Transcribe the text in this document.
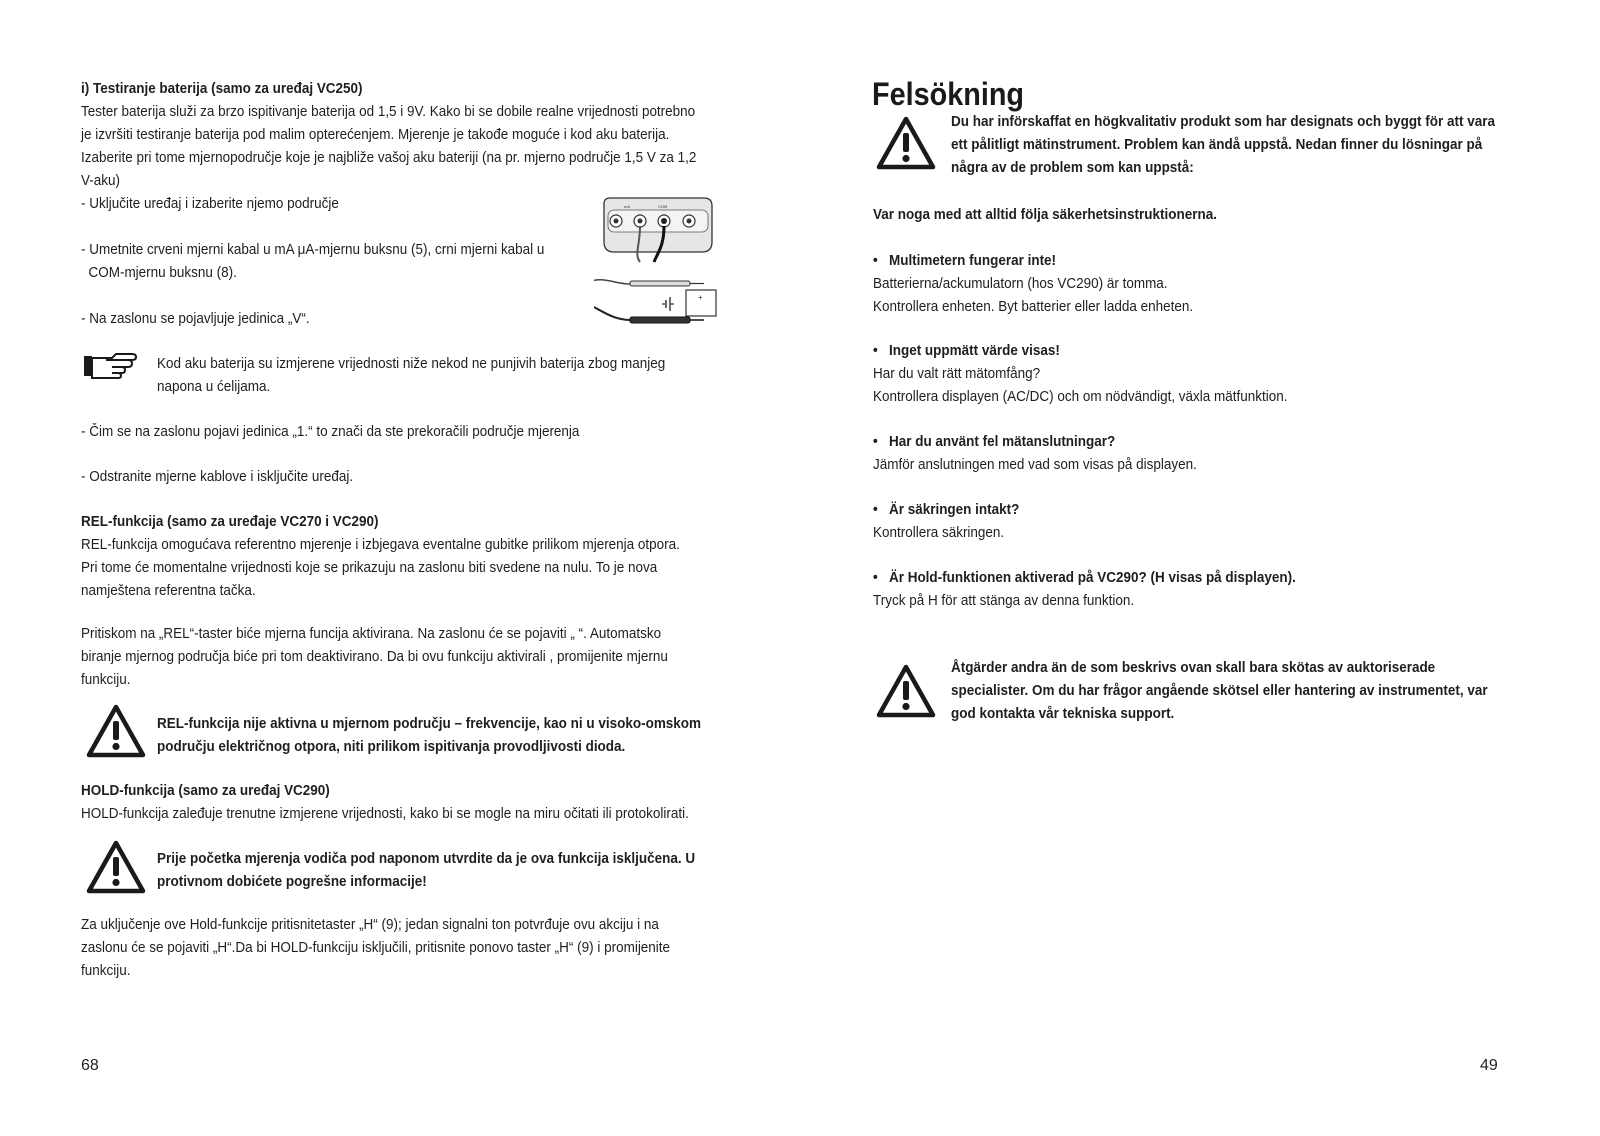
i) Testiranje baterija (samo za uređaj VC250)
Tester baterija služi za brzo ispitivanje baterija od 1,5 i 9V. Kako bi se dobile realne vrijednosti potrebno
je izvršiti testiranje baterija pod malim opterećenjem. Mjerenje je takođe moguće i kod aku baterija.
Izaberite pri tome mjernopodručje koje je najbliže vašoj aku bateriji (na pr. mjerno područje 1,5 V za 1,2
V-aku)
- Uključite uređaj i izaberite njemo područje
- Umetnite crveni mjerni kabal u mA μA-mjernu buksnu (5), crni mjerni kabal u
COM-mjernu buksnu (8).
- Na zaslonu se pojavljuje jedinica „V“.
mA	COM
+
Kod aku baterija su izmjerene vrijednosti niže nekod ne punjivih baterija zbog manjeg
napona u ćelijama.
- Čim se na zaslonu pojavi jedinica „1.“ to znači da ste prekoračili područje mjerenja
- Odstranite mjerne kablove i isključite uređaj.
REL-funkcija (samo za uređaje VC270 i VC290)
REL-funkcija omogućava referentno mjerenje i izbjegava eventalne gubitke prilikom mjerenja otpora.
Pri tome će momentalne vrijednosti koje se prikazuju na zaslonu biti svedene na nulu. To je nova
namještena referentna tačka.
Pritiskom na „REL“-taster biće mjerna funcija aktivirana. Na zaslonu će se pojaviti „ “. Automatsko
biranje mjernog područja biće pri tom deaktivirano. Da bi ovu funkciju aktivirali , promijenite mjernu
funkciju.
REL-funkcija nije aktivna u mjernom području – frekvencije, kao ni u visoko-omskom
području električnog otpora, niti prilikom ispitivanja provodljivosti dioda.
HOLD-funkcija (samo za uređaj VC290)
HOLD-funkcija zaleđuje trenutne izmjerene vrijednosti, kako bi se mogle na miru očitati ili protokolirati.
Prije početka mjerenja vodiča pod naponom utvrdite da je ova funkcija isključena. U
protivnom dobićete pogrešne informacije!
Za uključenje ove Hold-funkcije pritisnitetaster „H“ (9); jedan signalni ton potvrđuje ovu akciju i na
zaslonu će se pojaviti „H“.Da bi HOLD-funkciju isključili, pritisnite ponovo taster „H“ (9) i promijenite
funkciju.
68
Felsökning
Du har införskaffat en högkvalitativ produkt som har designats och byggt för att vara
ett pålitligt mätinstrument. Problem kan ändå uppstå. Nedan finner du lösningar på
några av de problem som kan uppstå:
Var noga med att alltid följa säkerhetsinstruktionerna.
• Multimetern fungerar inte!
Batterierna/ackumulatorn (hos VC290) är tomma.
Kontrollera enheten. Byt batterier eller ladda enheten.
• Inget uppmätt värde visas!
Har du valt rätt mätomfång?
Kontrollera displayen (AC/DC) och om nödvändigt, växla mätfunktion.
• Har du använt fel mätanslutningar?
Jämför anslutningen med vad som visas på displayen.
• Är säkringen intakt?
Kontrollera säkringen.
• Är Hold-funktionen aktiverad på VC290? (H visas på displayen).
Tryck på H för att stänga av denna funktion.
Åtgärder andra än de som beskrivs ovan skall bara skötas av auktoriserade
specialister. Om du har frågor angående skötsel eller hantering av instrumentet, var
god kontakta vår tekniska support.
49
